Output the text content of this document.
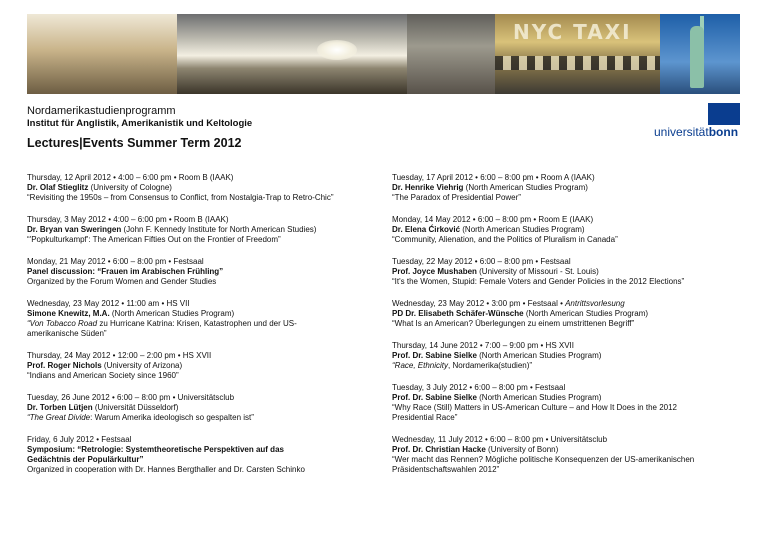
NYC TAXI
Nordamerikastudienprogramm
Institut für Anglistik, Amerikanistik und Keltologie
Lectures|Events Summer Term 2012
universitätbonn
Thursday, 12 April 2012 • 4:00 – 6:00 pm • Room B (IAAK)
Dr. Olaf Stieglitz (University of Cologne)
“Revisiting the 1950s – from Consensus to Conflict, from Nostalgia-Trap to Retro-Chic”
Thursday, 3 May 2012 • 4:00 – 6:00 pm • Room B (IAAK)
Dr. Bryan van Sweringen (John F. Kennedy Institute for North American Studies)
“'Popkulturkampf': The American Fifties Out on the Frontier of Freedom”
Monday, 21 May 2012 • 6:00 – 8:00 pm • Festsaal
Panel discussion: “Frauen im Arabischen Frühling”
Organized by the Forum Women and Gender Studies
Wednesday, 23 May 2012 • 11:00 am • HS VII
Simone Knewitz, M.A. (North American Studies Program)
“Von Tobacco Road zu Hurricane Katrina: Krisen, Katastrophen und der US-
amerikanische Süden”
Thursday, 24 May 2012 • 12:00 – 2:00 pm • HS XVII
Prof. Roger Nichols (University of Arizona)
“Indians and American Society since 1960”
Tuesday, 26 June 2012 • 6:00 – 8:00 pm • Universitätsclub
Dr. Torben Lütjen (Universität Düsseldorf)
“The Great Divide: Warum Amerika ideologisch so gespalten ist”
Friday, 6 July 2012 • Festsaal
Symposium: “Retrologie: Systemtheoretische Perspektiven auf das
Gedächtnis der Populärkultur”
Organized in cooperation with Dr. Hannes Bergthaller and Dr. Carsten Schinko
Tuesday, 17 April 2012 • 6:00 – 8:00 pm • Room A (IAAK)
Dr. Henrike Viehrig (North American Studies Program)
“The Paradox of Presidential Power”
Monday, 14 May 2012 • 6:00 – 8:00 pm • Room E (IAAK)
Dr. Elena Ćirković (North American Studies Program)
“Community, Alienation, and the Politics of Pluralism in Canada”
Tuesday, 22 May 2012 • 6:00 – 8:00 pm • Festsaal
Prof. Joyce Mushaben (University of Missouri - St. Louis)
“It's the Women, Stupid: Female Voters and Gender Policies in the 2012 Elections”
Wednesday, 23 May 2012 • 3:00 pm • Festsaal • Antrittsvorlesung
PD Dr. Elisabeth Schäfer-Wünsche (North American Studies Program)
“What Is an American? Überlegungen zu einem umstrittenen Begriff”
Thursday, 14 June 2012 • 7:00 – 9:00 pm • HS XVII
Prof. Dr. Sabine Sielke (North American Studies Program)
“Race, Ethnicity, Nordamerika(studien)”
Tuesday, 3 July 2012 • 6:00 – 8:00 pm • Festsaal
Prof. Dr. Sabine Sielke (North American Studies Program)
“Why Race (Still) Matters in US-American Culture – and How It Does in the 2012
Presidential Race”
Wednesday, 11 July 2012 • 6:00 – 8:00 pm • Universitätsclub
Prof. Dr. Christian Hacke (University of Bonn)
“Wer macht das Rennen? Mögliche politische Konsequenzen der US-amerikanischen
Präsidentschaftswahlen 2012”
